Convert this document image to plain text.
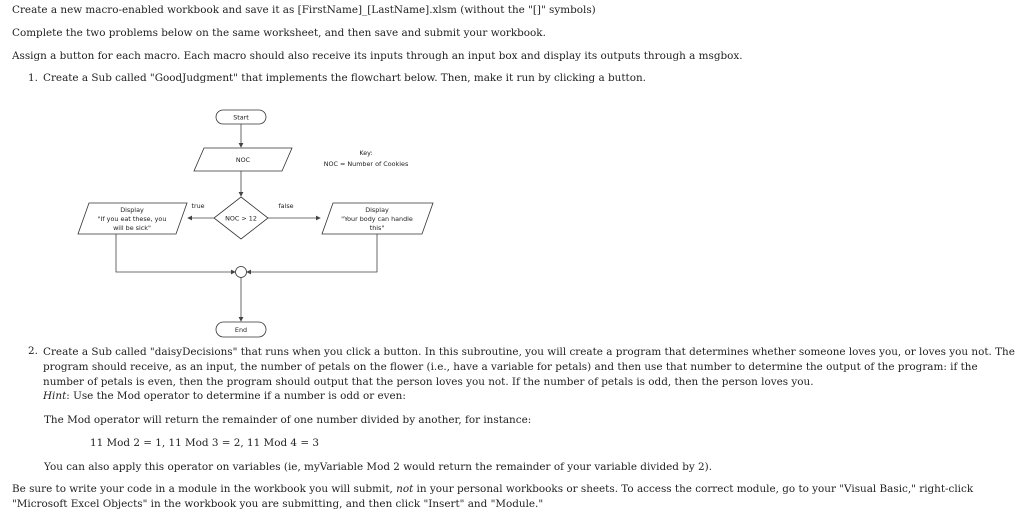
Create a new macro-enabled workbook and save it as [FirstName]_[LastName].xlsm (without the "[]" symbols)
Complete the two problems below on the same worksheet, and then save and submit your workbook.
Assign a button for each macro. Each macro should also receive its inputs through an input box and display its outputs through a msgbox.
1. Create a Sub called "GoodJudgment" that implements the flowchart below. Then, make it run by clicking a button.
Start
NOC
Key:
NOC = Number of Cookies
NOC > 12
true	false
Display
"If you eat these, you
will be sick"
Display
"Your body can handle
this"
End
2. Create a Sub called "daisyDecisions" that runs when you click a button. In this subroutine, you will create a program that determines whether someone loves you, or loves you not. The program should receive, as an input, the number of petals on the flower (i.e., have a variable for petals) and then use that number to determine the output of the program: if the number of petals is even, then the program should output that the person loves you not. If the number of petals is odd, then the person loves you.
Hint: Use the Mod operator to determine if a number is odd or even:
The Mod operator will return the remainder of one number divided by another, for instance:
11 Mod 2 = 1, 11 Mod 3 = 2, 11 Mod 4 = 3
You can also apply this operator on variables (ie, myVariable Mod 2 would return the remainder of your variable divided by 2).
Be sure to write your code in a module in the workbook you will submit, not in your personal workbooks or sheets. To access the correct module, go to your "Visual Basic," right-click "Microsoft Excel Objects" in the workbook you are submitting, and then click "Insert" and "Module."
